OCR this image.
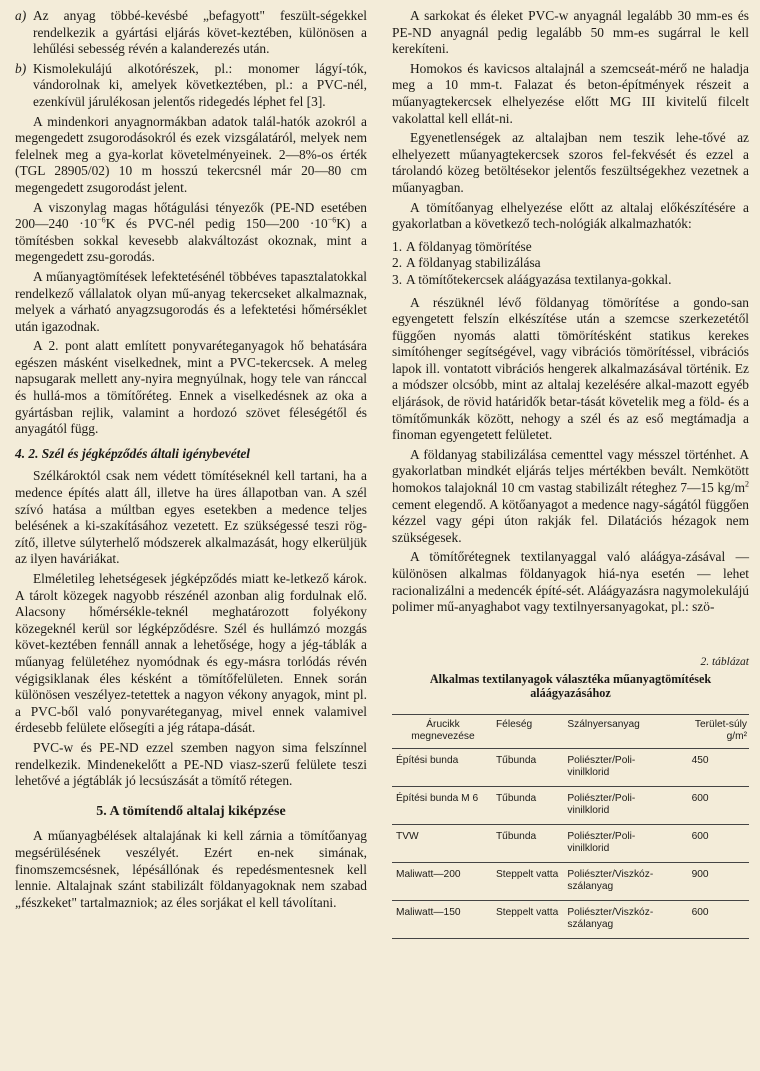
a) Az anyag többé-kevésbé „befagyott" feszült-ségekkel rendelkezik a gyártási eljárás követ-keztében, különösen a lehűlési sebesség révén a kalanderezés után.
b) Kismolekulájú alkotórészek, pl.: monomer lágyí-tók, vándorolnak ki, amelyek következtében, pl.: a PVC-nél, ezenkívül járulékosan jelentős ridegedés léphet fel [3].

A mindenkori anyagnormákban adatok talál-hatók azokról a megengedett zsugorodásokról és ezek vizsgálatáról, melyek nem felelnek meg a gya-korlat követelményeinek. 2—8%-os érték (TGL 28905/02) 10 m hosszú tekercsnél már 20—80 cm megengedett zsugorodást jelent.

A viszonylag magas hőtágulási tényezők (PE-ND esetében 200—240 $\cdot 10^{-6}K$ és PVC-nél pedig 150—200 $\cdot 10^{-6}K$) a tömítésben sokkal kevesebb alakváltozást okoznak, mint a megengedett zsu-gorodás.

A műanyagtömítések lefektetésénél többéves tapasztalatokkal rendelkező vállalatok olyan mű-anyag tekercseket alkalmaznak, melyek a várható anyagzsugorodás és a lefektetési hőmérséklet után igazodnak.

A 2. pont alatt említett ponyvaréteganyagok hő behatására egészen másként viselkednek, mint a PVC-tekercsek. A meleg napsugarak mellett any-nyira megnyúlnak, hogy tele van ránccal és hullá-mos a tömítőréteg. Ennek a viselkedésnek az oka a gyártásban rejlik, valamint a hordozó szövet féleségétől és anyagától függ.

4. 2. Szél és jégképződés általi igénybevétel

Szélkároktól csak nem védett tömítéseknél kell tartani, ha a medence építés alatt áll, illetve ha üres állapotban van. A szél szívó hatása a múltban egyes esetekben a medence teljes belésének a ki-szakításához vezetett. Ez szükségessé teszi rög-zítő, illetve súlyterhelő módszerek alkalmazását, hogy elkerüljük az ilyen haváriákat.

Elméletileg lehetségesek jégképződés miatt ke-letkező károk. A tárolt közegek nagyobb részénél azonban alig fordulnak elő. Alacsony hőmérsékle-teknél meghatározott folyékony közegeknél kerül sor légképződésre. Szél és hullámzó mozgás követ-keztében fennáll annak a lehetősége, hogy a jég-táblák a műanyag felületéhez nyomódnak és egy-másra torlódás révén végigsiklanak éles késként a tömítőfelületen. Ennek során különösen veszélyez-tetettek a nagyon vékony anyagok, mint pl. a PVC-ből való ponyvaréteganyag, mivel ennek valamivel érdesebb felülete elősegíti a jég rátapa-dását.

PVC-w és PE-ND ezzel szemben nagyon sima felszínnel rendelkezik. Mindenekelőtt a PE-ND viasz-szerű felülete teszi lehetővé a jégtáblák jó lecsúszását a tömítő rétegen.

5. A tömítendő altalaj kiképzése

A műanyagbélések altalajának ki kell zárnia a tömítőanyag megsérülésének veszélyét. Ezért en-nek simának, finomszemcsésnek, lépésállónak és repedésmentesnek kell lennie. Altalajnak szánt stabilizált földanyagoknak nem szabad „fészkeket" tartalmazniok; az éles sorjákat el kell távolítani.

A sarkokat és éleket PVC-w anyagnál legalább 30 mm-es és PE-ND anyagnál pedig legalább 50 mm-es sugárral le kell kerekíteni.

Homokos és kavicsos altalajnál a szemcseát-mérő ne haladja meg a 10 mm-t. Falazat és beton-építmények részeit a műanyagtekercsek elhelyezése előtt MG III kivitelű filcelt vakolattal kell ellát-ni.

Egyenetlenségek az altalajban nem teszik lehe-tővé az elhelyezett műanyagtekercsek szoros fel-fekvését és ezzel a tárolandó közeg betöltésekor jelentős feszültségekhez vezetnek a műanyagban.

A tömítőanyag elhelyezése előtt az altalaj előkészítésére a gyakorlatban a következő tech-nológiák alkalmazhatók:

1. A földanyag tömörítése
2. A földanyag stabilizálása
3. A tömítőtekercsek aláágyazása textilanya-gokkal.

A részüknél lévő földanyag tömörítése a gondo-san egyengetett felszín elkészítése után a szemcse szerkezetétől függően nyomás alatti tömörítésként statikus kerekes simítóhenger segítségével, vagy vibrációs tömörítéssel, vibrációs lapok ill. vontatott vibrációs hengerek alkalmazásával történik. Ez a módszer olcsóbb, mint az altalaj kezelésére alkal-mazott egyéb eljárások, de rövid határidők betar-tását követelik meg a föld- és a tömítőmunkák között, nehogy a szél és az eső megtámadja a finoman egyengetett felületet.

A földanyag stabilizálása cementtel vagy mésszel történhet. A gyakorlatban mindkét eljárás teljes mértékben bevált. Nemkötött homokos talajoknál 10 cm vastag stabilizált réteghez 7—15 $kg/m^2$ cement elegendő. A kötőanyagot a medence nagy-ságától függően kézzel vagy gépi úton rakják fel. Dilatációs hézagok nem szükségesek.

A tömítőrétegnek textilanyaggal való aláágya-zásával — különösen alkalmas földanyagok hiá-nya esetén — lehet racionalizálni a medencék építé-sét. Aláágyazásra nagymolekulájú polimer mű-anyaghabot vagy textilnyersanyagokat, pl.: szö-

2. táblázat
Alkalmas textilanyagok választéka műanyagtömítések aláágyazásához
Árucikk megnevezése	Féleség	Szálnyersanyag	Terület-súly g/m²
Építési bunda	Tűbunda	Poliészter/Poli-vinilklorid	450
Építési bunda M 6	Tűbunda	Poliészter/Poli-vinilklorid	600
TVW	Tűbunda	Poliészter/Poli-vinilklorid	600
Maliwatt—200	Steppelt vatta	Poliészter/Viszkóz-szálanyag	900
Maliwatt—150	Steppelt vatta	Poliészter/Viszkóz-szálanyag	600
